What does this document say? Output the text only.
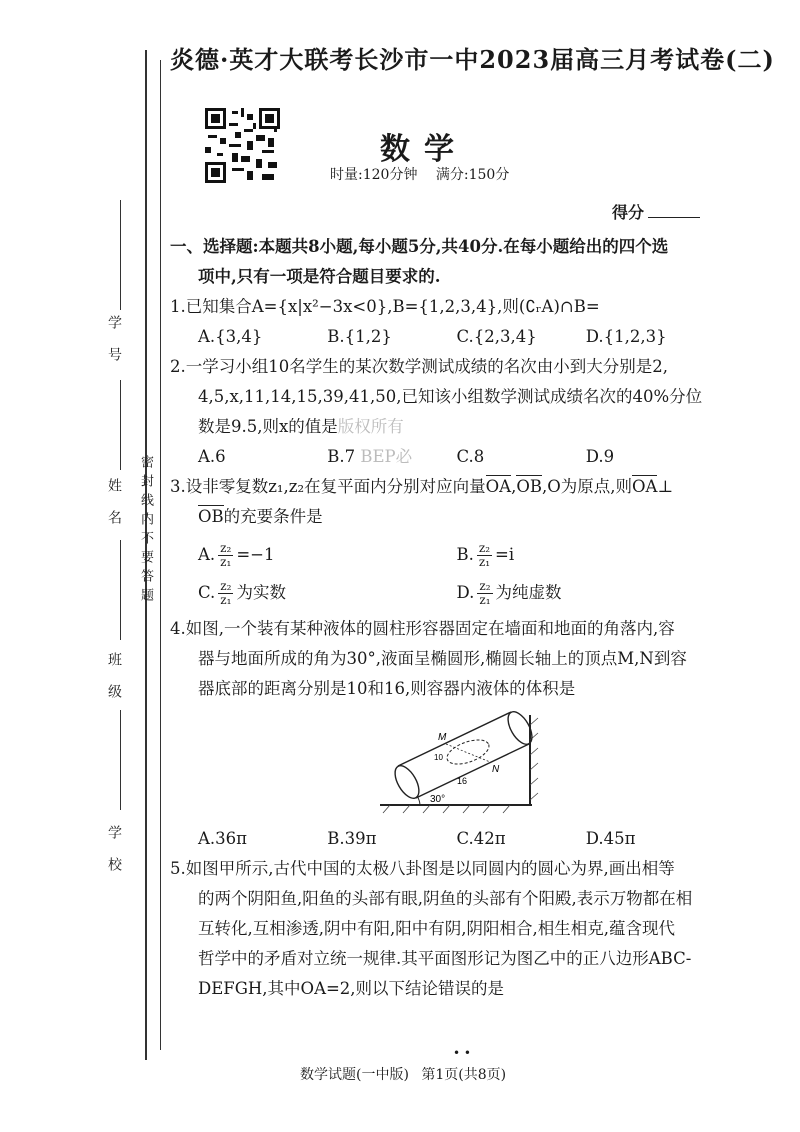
学号
姓名
班级
学校
密封线内不要答题
炎德·英才大联考长沙市一中2023届高三月考试卷(二)
数学
时量:120分钟 满分:150分
得分
一、选择题:本题共8小题,每小题5分,共40分.在每小题给出的四个选
项中,只有一项是符合题目要求的.
1.已知集合A={x|x²−3x<0},B={1,2,3,4},则(∁ᵣA)∩B=
A.{3,4}	B.{1,2}	C.{2,3,4}	D.{1,2,3}
2.一学习小组10名学生的某次数学测试成绩的名次由小到大分别是2,
4,5,x,11,14,15,39,41,50,已知该小组数学测试成绩名次的40%分位
数是9.5,则x的值是版权所有
A.6	B.7 BEP必	C.8	D.9
3.设非零复数z₁,z₂在复平面内分别对应向量OA,OB,O为原点,则OA⊥
OB的充要条件是
A. $\frac{\text{z₂}}{\text{z₁}} =-1$	B. $\frac{\text{z₂}}{\text{z₁}} =i$
C. $\frac{\text{z₂}}{\text{z₁}}$ 为实数	D. $\frac{\text{z₂}}{\text{z₁}}$ 为纯虚数
4.如图,一个装有某种液体的圆柱形容器固定在墙面和地面的角落内,容
器与地面所成的角为30°,液面呈椭圆形,椭圆长轴上的顶点M,N到容
器底部的距离分别是10和16,则容器内液体的体积是
M
N
10
16
30°
A.36π	B.39π	C.42π	D.45π
5.如图甲所示,古代中国的太极八卦图是以同圆内的圆心为界,画出相等
的两个阴阳鱼,阳鱼的头部有眼,阴鱼的头部有个阳殿,表示万物都在相
互转化,互相渗透,阴中有阳,阳中有阴,阴阳相合,相生相克,蕴含现代
哲学中的矛盾对立统一规律.其平面图形记为图乙中的正八边形ABC-
DEFGH,其中OA=2,则以下结论错误的是
• •
数学试题(一中版) 第1页(共8页)
